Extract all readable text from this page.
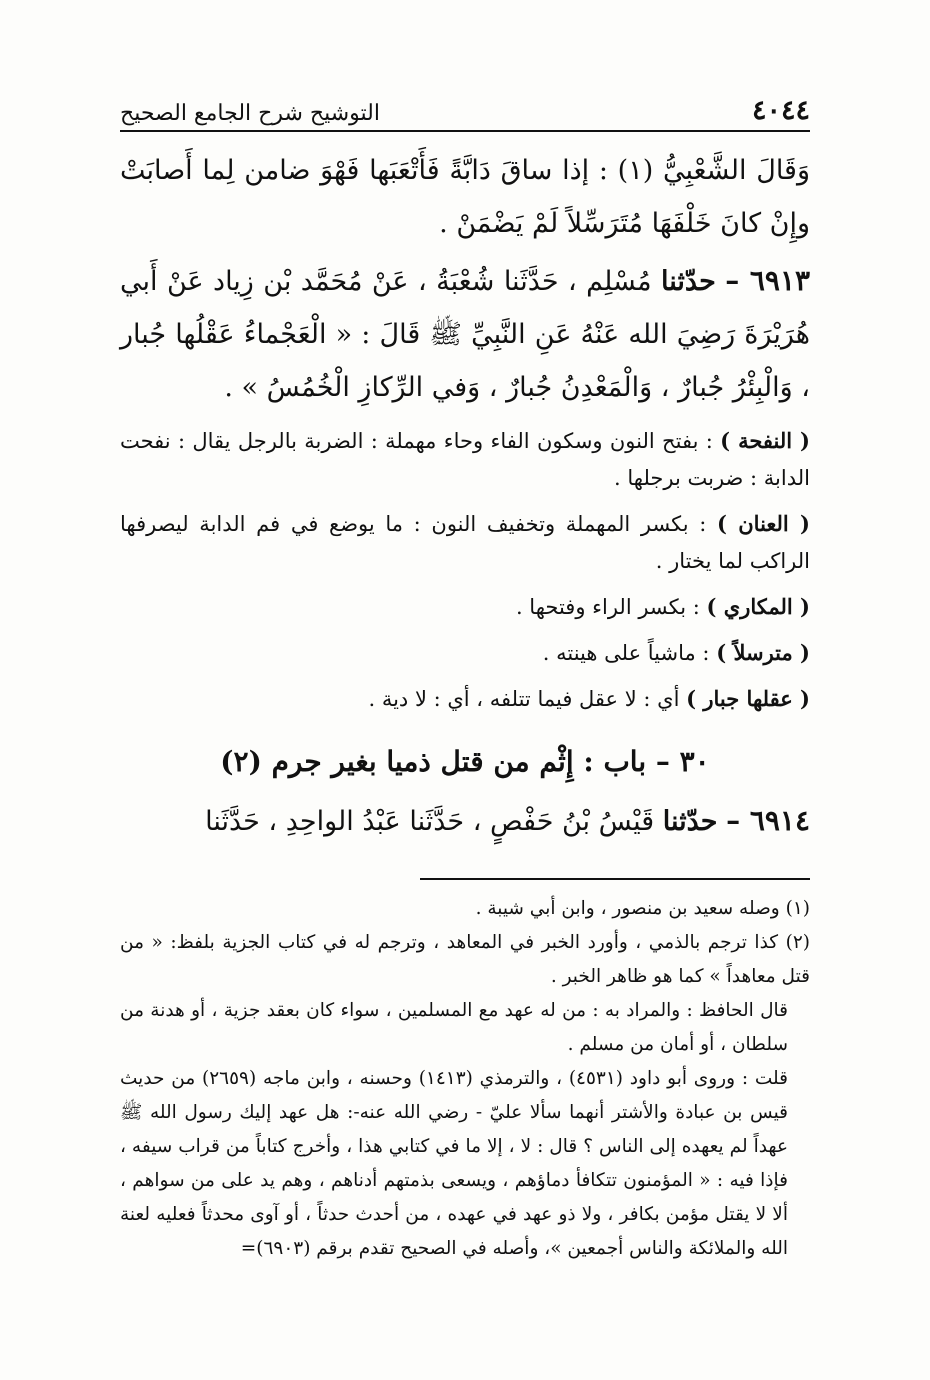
٤٠٤٤
التوشيح شرح الجامع الصحيح

وَقَالَ الشَّعْبِيُّ (١) : إذا ساقَ دَابَّةً فَأَتْعَبَها فَهْوَ ضامن لِما أَصابَتْ وإِنْ كانَ خَلْفَهَا مُتَرَسِّلاً لَمْ يَضْمَنْ .

٦٩١٣ – حدّثنا مُسْلِم ، حَدَّثَنا شُعْبَةُ ، عَنْ مُحَمَّد بْن زِياد عَنْ أَبي هُرَيْرَةَ رَضِيَ الله عَنْهُ عَنِ النَّبِيِّ ﷺ قَالَ : « الْعَجْماءُ عَقْلُها جُبار ، وَالْبِئْرُ جُبارٌ ، وَالْمَعْدِنُ جُبارٌ ، وَفي الرِّكازِ الْخُمُسُ » .

( النفحة ) : بفتح النون وسكون الفاء وحاء مهملة : الضربة بالرجل يقال : نفحت الدابة : ضربت برجلها .

( العنان ) : بكسر المهملة وتخفيف النون : ما يوضع في فم الدابة ليصرفها الراكب لما يختار .

( المكاري ) : بكسر الراء وفتحها .

( مترسلاً ) : ماشياً على هينته .

( عقلها جبار ) أي : لا عقل فيما تتلفه ، أي : لا دية .

٣٠ – باب : إِثْم من قتل ذميا بغير جرم (٢)

٦٩١٤ – حدّثنا قَيْسُ بْنُ حَفْصٍ ، حَدَّثَنا عَبْدُ الواحِدِ ، حَدَّثَنا

(١) وصله سعيد بن منصور ، وابن أبي شيبة .

(٢) كذا ترجم بالذمي ، وأورد الخبر في المعاهد ، وترجم له في كتاب الجزية بلفظ: « من قتل معاهداً » كما هو ظاهر الخبر .

قال الحافظ : والمراد به : من له عهد مع المسلمين ، سواء كان بعقد جزية ، أو هدنة من سلطان ، أو أمان من مسلم .

قلت : وروى أبو داود (٤٥٣١) ، والترمذي (١٤١٣) وحسنه ، وابن ماجه (٢٦٥٩) من حديث قيس بن عبادة والأشتر أنهما سألا عليّ - رضي الله عنه-: هل عهد إليك رسول الله ﷺ عهداً لم يعهده إلى الناس ؟ قال : لا ، إلا ما في كتابي هذا ، وأخرج كتاباً من قراب سيفه ، فإذا فيه : « المؤمنون تتكافأ دماؤهم ، ويسعى بذمتهم أدناهم ، وهم يد على من سواهم ، ألا لا يقتل مؤمن بكافر ، ولا ذو عهد في عهده ، من أحدث حدثاً ، أو آوى محدثاً فعليه لعنة الله والملائكة والناس أجمعين »، وأصله في الصحيح تقدم برقم (٦٩٠٣)=
